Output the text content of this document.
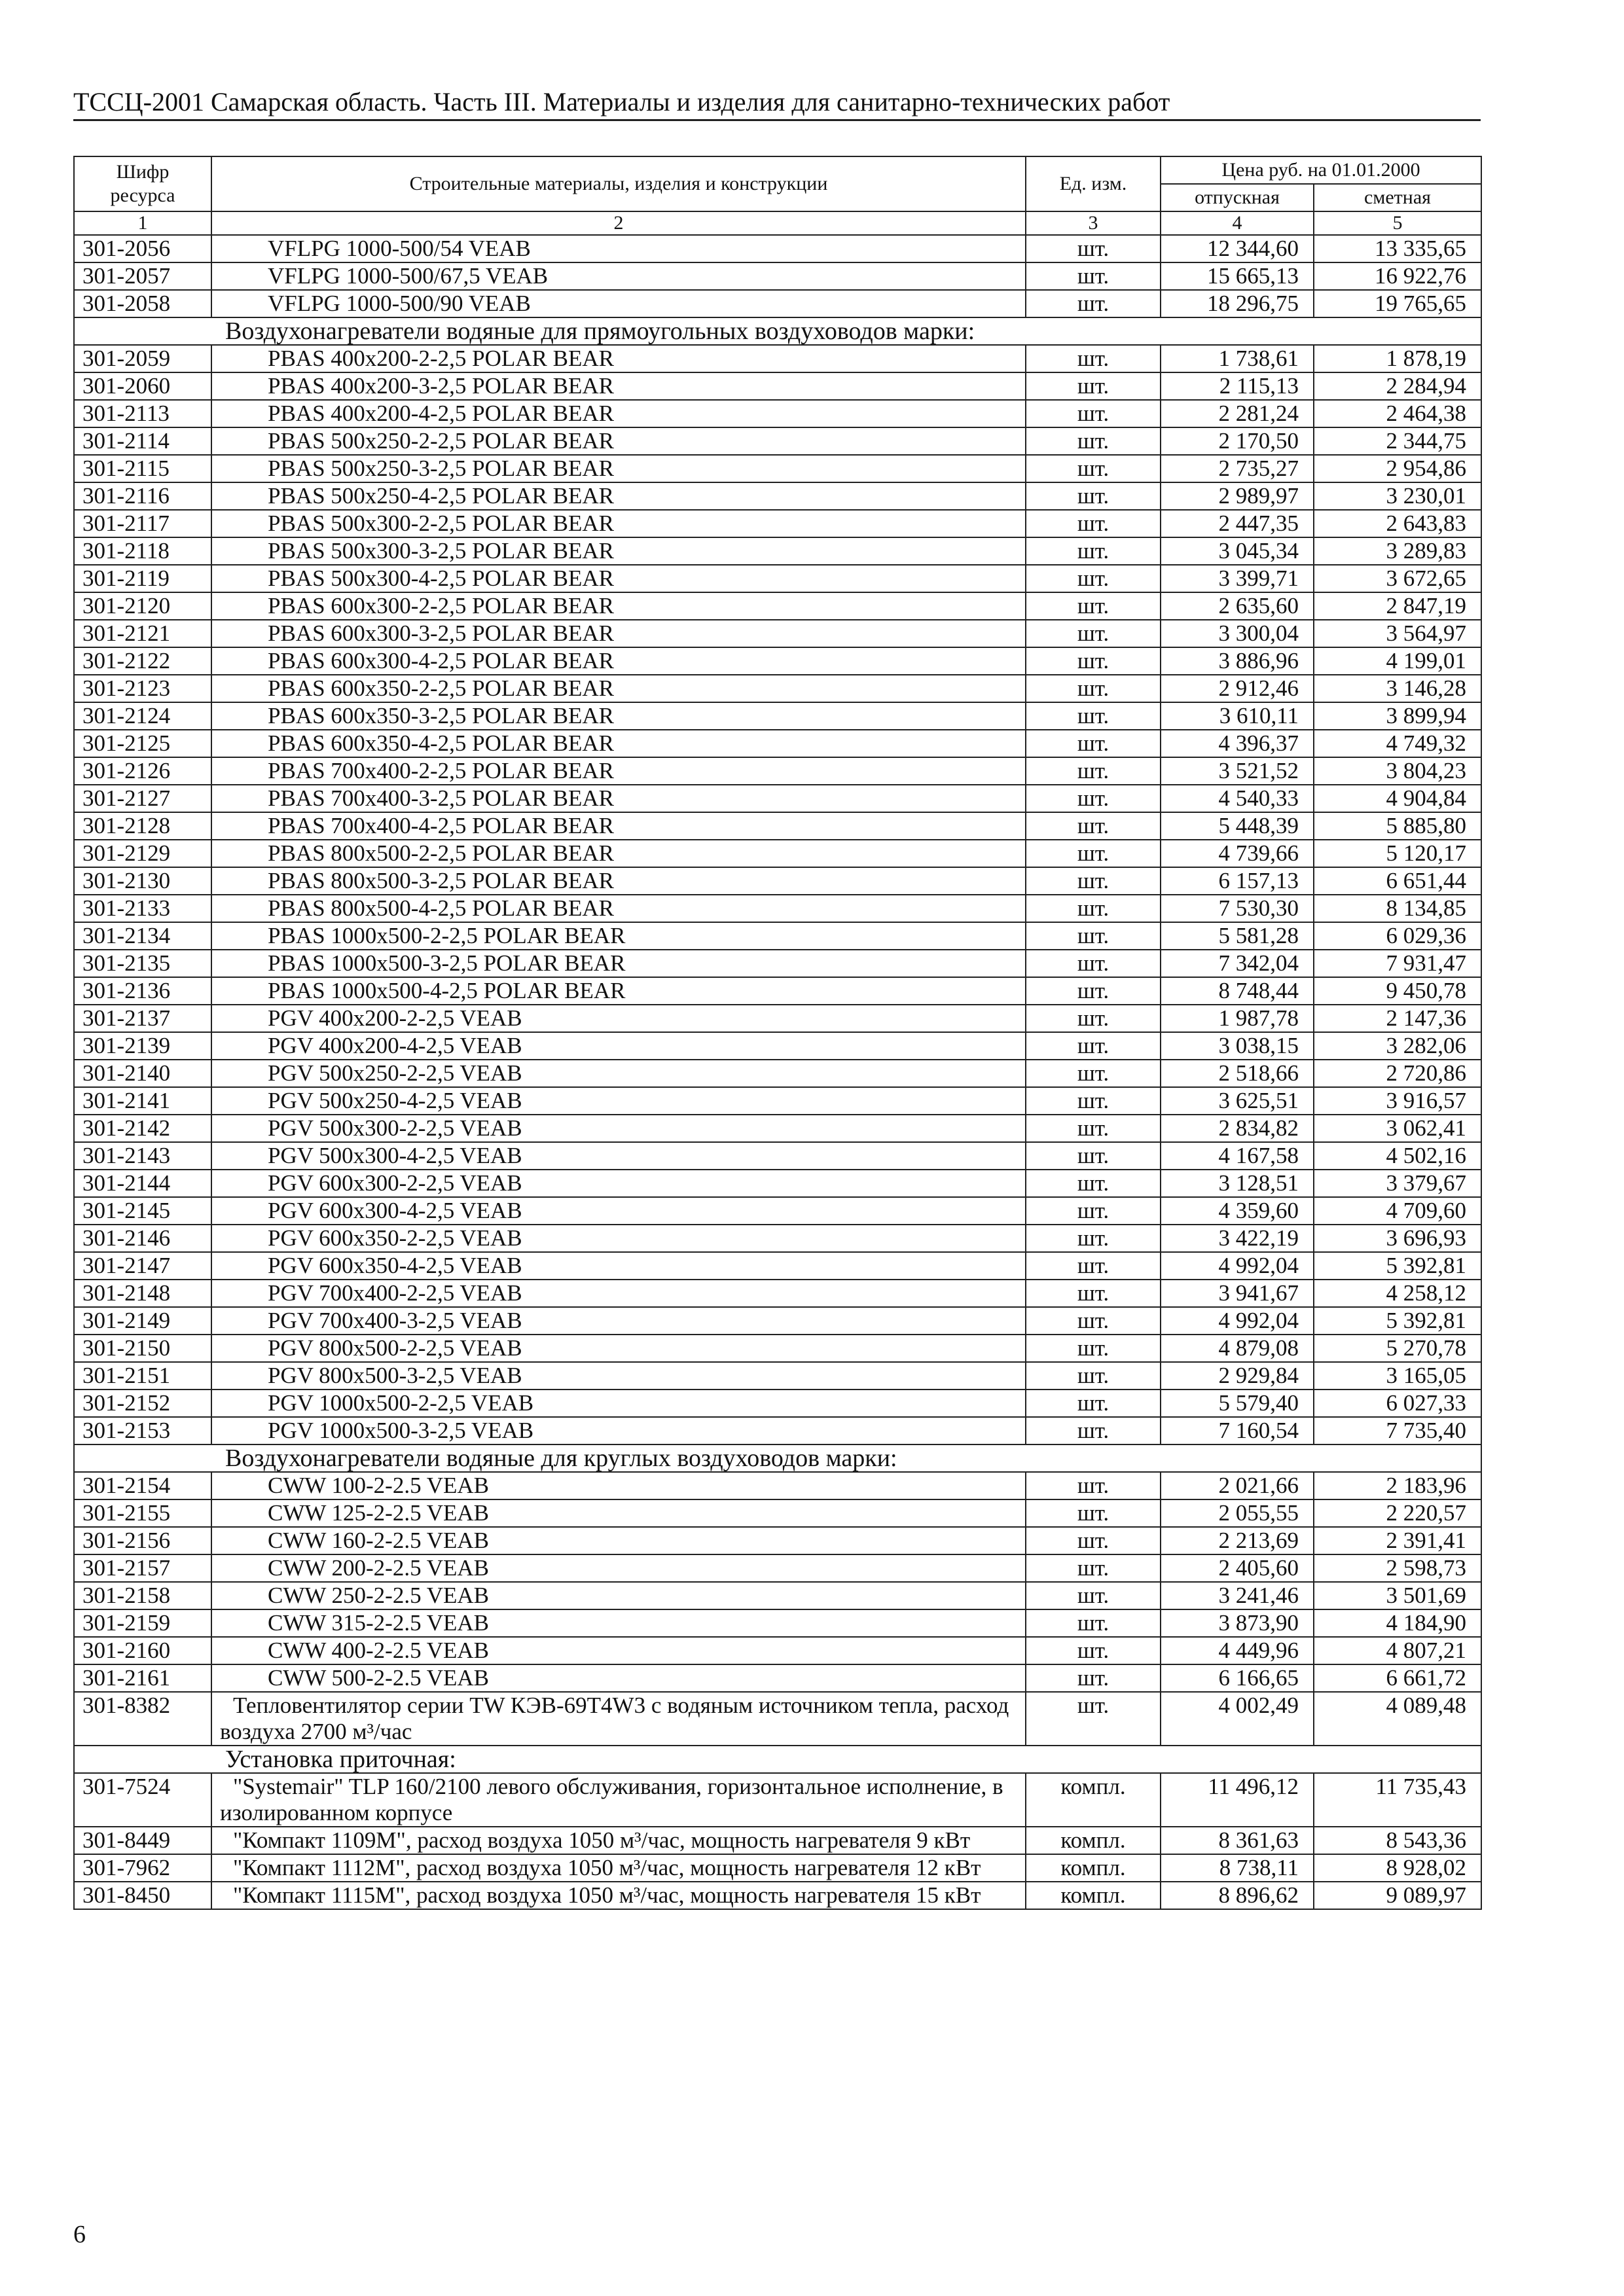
ТССЦ-2001 Самарская область. Часть III. Материалы и изделия для санитарно-технических работ
Шифр ресурса	Строительные материалы, изделия и конструкции	Ед. изм.	Цена руб. на 01.01.2000	
			отпускная	сметная
1	2	3	4	5
301-2056	VFLPG 1000-500/54 VEAB	шт.	12 344,60	13 335,65
301-2057	VFLPG 1000-500/67,5 VEAB	шт.	15 665,13	16 922,76
301-2058	VFLPG 1000-500/90 VEAB	шт.	18 296,75	19 765,65
Воздухонагреватели водяные для прямоугольных воздуховодов марки:				
301-2059	PBAS 400x200-2-2,5 POLAR BEAR	шт.	1 738,61	1 878,19
301-2060	PBAS 400x200-3-2,5 POLAR BEAR	шт.	2 115,13	2 284,94
301-2113	PBAS 400x200-4-2,5 POLAR BEAR	шт.	2 281,24	2 464,38
301-2114	PBAS 500x250-2-2,5 POLAR BEAR	шт.	2 170,50	2 344,75
301-2115	PBAS 500x250-3-2,5 POLAR BEAR	шт.	2 735,27	2 954,86
301-2116	PBAS 500x250-4-2,5 POLAR BEAR	шт.	2 989,97	3 230,01
301-2117	PBAS 500x300-2-2,5 POLAR BEAR	шт.	2 447,35	2 643,83
301-2118	PBAS 500x300-3-2,5 POLAR BEAR	шт.	3 045,34	3 289,83
301-2119	PBAS 500x300-4-2,5 POLAR BEAR	шт.	3 399,71	3 672,65
301-2120	PBAS 600x300-2-2,5 POLAR BEAR	шт.	2 635,60	2 847,19
301-2121	PBAS 600x300-3-2,5 POLAR BEAR	шт.	3 300,04	3 564,97
301-2122	PBAS 600x300-4-2,5 POLAR BEAR	шт.	3 886,96	4 199,01
301-2123	PBAS 600x350-2-2,5 POLAR BEAR	шт.	2 912,46	3 146,28
301-2124	PBAS 600x350-3-2,5 POLAR BEAR	шт.	3 610,11	3 899,94
301-2125	PBAS 600x350-4-2,5 POLAR BEAR	шт.	4 396,37	4 749,32
301-2126	PBAS 700x400-2-2,5 POLAR BEAR	шт.	3 521,52	3 804,23
301-2127	PBAS 700x400-3-2,5 POLAR BEAR	шт.	4 540,33	4 904,84
301-2128	PBAS 700x400-4-2,5 POLAR BEAR	шт.	5 448,39	5 885,80
301-2129	PBAS 800x500-2-2,5 POLAR BEAR	шт.	4 739,66	5 120,17
301-2130	PBAS 800x500-3-2,5 POLAR BEAR	шт.	6 157,13	6 651,44
301-2133	PBAS 800x500-4-2,5 POLAR BEAR	шт.	7 530,30	8 134,85
301-2134	PBAS 1000x500-2-2,5 POLAR BEAR	шт.	5 581,28	6 029,36
301-2135	PBAS 1000x500-3-2,5 POLAR BEAR	шт.	7 342,04	7 931,47
301-2136	PBAS 1000x500-4-2,5 POLAR BEAR	шт.	8 748,44	9 450,78
301-2137	PGV 400x200-2-2,5 VEAB	шт.	1 987,78	2 147,36
301-2139	PGV 400x200-4-2,5 VEAB	шт.	3 038,15	3 282,06
301-2140	PGV 500x250-2-2,5 VEAB	шт.	2 518,66	2 720,86
301-2141	PGV 500x250-4-2,5 VEAB	шт.	3 625,51	3 916,57
301-2142	PGV 500x300-2-2,5 VEAB	шт.	2 834,82	3 062,41
301-2143	PGV 500x300-4-2,5 VEAB	шт.	4 167,58	4 502,16
301-2144	PGV 600x300-2-2,5 VEAB	шт.	3 128,51	3 379,67
301-2145	PGV 600x300-4-2,5 VEAB	шт.	4 359,60	4 709,60
301-2146	PGV 600x350-2-2,5 VEAB	шт.	3 422,19	3 696,93
301-2147	PGV 600x350-4-2,5 VEAB	шт.	4 992,04	5 392,81
301-2148	PGV 700x400-2-2,5 VEAB	шт.	3 941,67	4 258,12
301-2149	PGV 700x400-3-2,5 VEAB	шт.	4 992,04	5 392,81
301-2150	PGV 800x500-2-2,5 VEAB	шт.	4 879,08	5 270,78
301-2151	PGV 800x500-3-2,5 VEAB	шт.	2 929,84	3 165,05
301-2152	PGV 1000x500-2-2,5 VEAB	шт.	5 579,40	6 027,33
301-2153	PGV 1000x500-3-2,5 VEAB	шт.	7 160,54	7 735,40
Воздухонагреватели водяные для круглых воздуховодов марки:				
301-2154	CWW 100-2-2.5 VEAB	шт.	2 021,66	2 183,96
301-2155	CWW 125-2-2.5 VEAB	шт.	2 055,55	2 220,57
301-2156	CWW 160-2-2.5 VEAB	шт.	2 213,69	2 391,41
301-2157	CWW 200-2-2.5 VEAB	шт.	2 405,60	2 598,73
301-2158	CWW 250-2-2.5 VEAB	шт.	3 241,46	3 501,69
301-2159	CWW 315-2-2.5 VEAB	шт.	3 873,90	4 184,90
301-2160	CWW 400-2-2.5 VEAB	шт.	4 449,96	4 807,21
301-2161	CWW 500-2-2.5 VEAB	шт.	6 166,65	6 661,72
301-8382	Тепловентилятор серии TW КЭВ-69Т4W3 с водяным источником тепла, расход воздуха 2700 м³/час	шт.	4 002,49	4 089,48
Установка приточная:				
301-7524	"Systemair" TLP 160/2100 левого обслуживания, горизонтальное исполнение, в изолированном корпусе	компл.	11 496,12	11 735,43
301-8449	"Компакт 1109М", расход воздуха 1050 м³/час, мощность нагревателя 9 кВт	компл.	8 361,63	8 543,36
301-7962	"Компакт 1112М", расход воздуха 1050 м³/час, мощность нагревателя 12 кВт	компл.	8 738,11	8 928,02
301-8450	"Компакт 1115М", расход воздуха 1050 м³/час, мощность нагревателя 15 кВт	компл.	8 896,62	9 089,97
6
